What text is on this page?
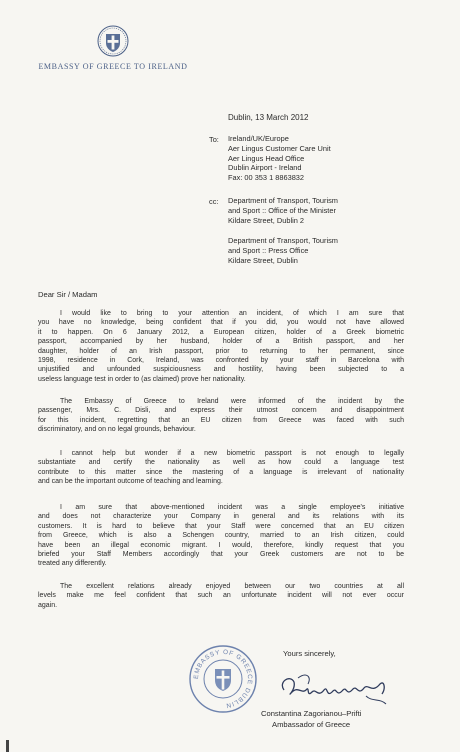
EMBASSY OF GREECE TO IRELAND
Dublin, 13 March 2012
To: Ireland/UK/Europe
Aer Lingus Customer Care Unit
Aer Lingus Head Office
Dublin Airport - Ireland
Fax: 00 353 1 8863832
cc: Department of Transport, Tourism
and Sport :: Office of the Minister
Kildare Street, Dublin 2
Department of Transport, Tourism
and Sport :: Press Office
Kildare Street, Dublin
Dear Sir / Madam
I would like to bring to your attention an incident, of which I am sure that
you have no knowledge, being confident that if you did, you would not have allowed
it to happen. On 6 January 2012, a European citizen, holder of a Greek biometric
passport, accompanied by her husband, holder of a British passport, and her
daughter, holder of an Irish passport, prior to returning to her permanent, since
1998, residence in Cork, Ireland, was confronted by your staff in Barcelona with
unjustified and unfounded suspiciousness and hostility, having been subjected to a
useless language test in order to (as claimed) prove her nationality.
The Embassy of Greece to Ireland were informed of the incident by the
passenger, Mrs. C. Disli, and express their utmost concern and disappointment
for this incident, regretting that an EU citizen from Greece was faced with such
discriminatory, and on no legal grounds, behaviour.
I cannot help but wonder if a new biometric passport is not enough to legally
substantiate and certify the nationality as well as how could a language test
contribute to this matter since the mastering of a language is irrelevant of nationality
and can be the important outcome of teaching and learning.
I am sure that above-mentioned incident was a single employee's initiative
and does not characterize your Company in general and its relations with its
customers. It is hard to believe that your Staff were concerned that an EU citizen
from Greece, which is also a Schengen country, married to an Irish citizen, could
have been an illegal economic migrant. I would, therefore, kindly request that you
briefed your Staff Members accordingly that your Greek customers are not to be
treated any differently.
The excellent relations already enjoyed between our two countries at all
levels make me feel confident that such an unfortunate incident will not ever occur
again.
Yours sincerely,
EMBASSY OF GREECE DUBLIN
Constantina Zagorianou–Prifti
Ambassador of Greece
